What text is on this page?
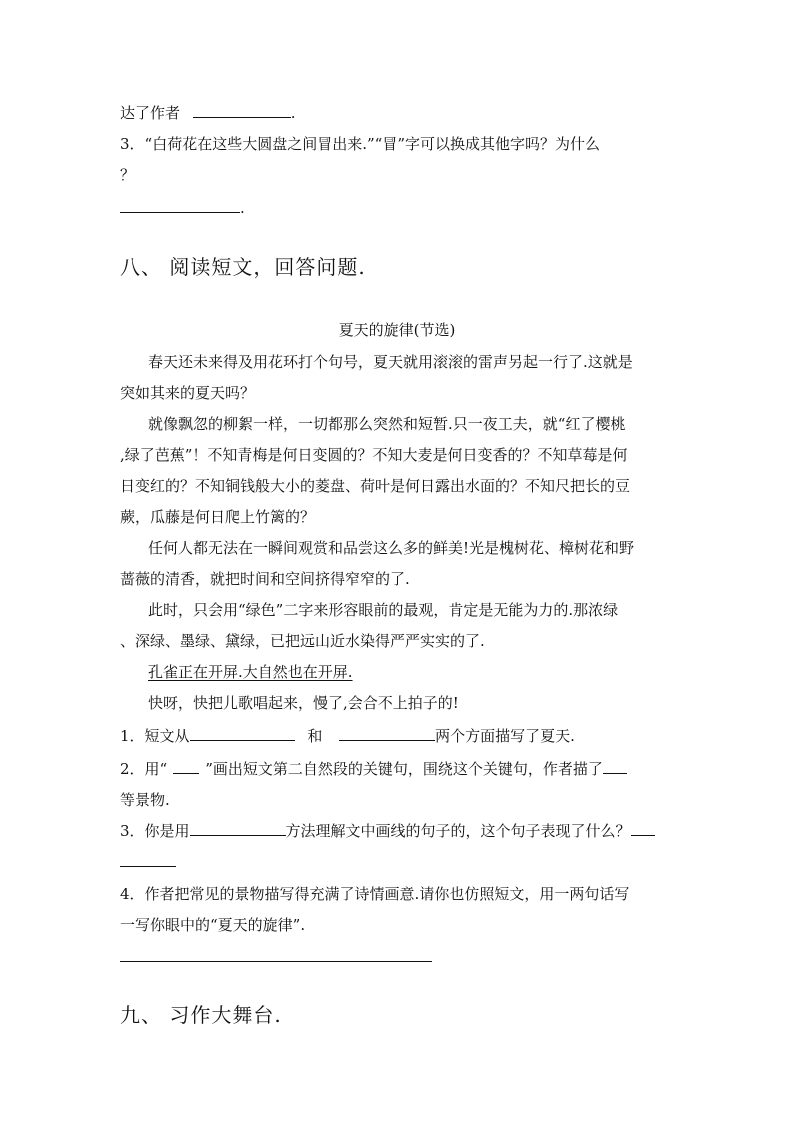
达了作者	.
3．“白荷花在这些大圆盘之间冒出来.”“冒”字可以换成其他字吗？为什么
？
.
八、 阅读短文，回答问题.
夏天的旋律(节选)
春天还未来得及用花环打个句号，夏天就用滚滚的雷声另起一行了.这就是
突如其来的夏天吗？
就像飘忽的柳絮一样，一切都那么突然和短暂.只一夜工夫，就“红了樱桃
,绿了芭蕉”！不知青梅是何日变圆的？不知大麦是何日变香的？不知草莓是何
日变红的？不知铜钱般大小的菱盘、荷叶是何日露出水面的？不知尺把长的豆
蕨，瓜藤是何日爬上竹篱的？
任何人都无法在一瞬间观赏和品尝这么多的鲜美!光是槐树花、樟树花和野
蔷薇的清香，就把时间和空间挤得窄窄的了.
此时，只会用“绿色”二字来形容眼前的最观，肯定是无能为力的.那浓绿
、深绿、墨绿、黛绿，已把远山近水染得严严实实的了.
孔雀正在开屏.大自然也在开屏.
快呀，快把儿歌唱起来，慢了,会合不上拍子的!
1．短文从	和	两个方面描写了夏天.
2．用“	”画出短文第二自然段的关键句，围绕这个关键句，作者描了
等景物.
3．你是用	方法理解文中画线的句子的，这个句子表现了什么？
4．作者把常见的景物描写得充满了诗情画意.请你也仿照短文，用一两句话写
一写你眼中的“夏天的旋律”.
九、 习作大舞台.
